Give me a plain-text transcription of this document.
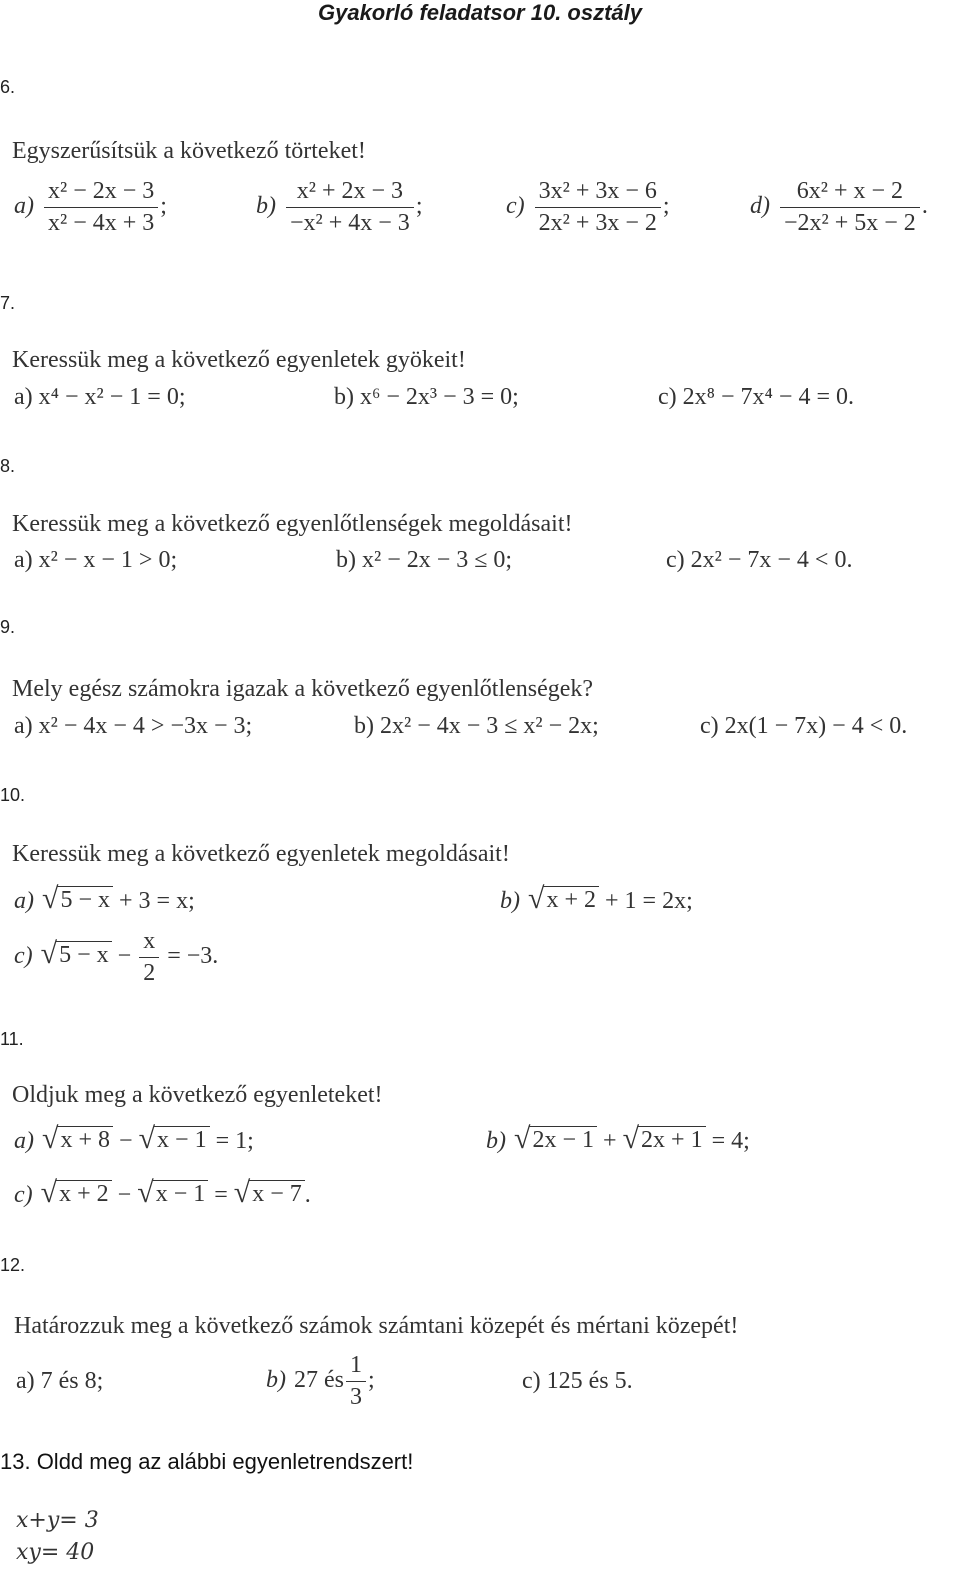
Gyakorló feladatsor 10. osztály
6.
Egyszerűsítsük a következő törteket!
$a) \frac{\text{x² − 2x − 3}}{\text{x² − 4x + 3}}$ ;	$b) \frac{\text{x² + 2x − 3}}{\text{−x² + 4x − 3}}$ ;	$c) \frac{\text{3x² + 3x − 6}}{\text{2x² + 3x − 2}}$ ;	$d) \frac{\text{6x² + x − 2}}{\text{−2x² + 5x − 2}}$ .
7.
Keressük meg a következő egyenletek gyökeit!
a) x⁴ − x² − 1 = 0;	b) x⁶ − 2x³ − 3 = 0;	c) 2x⁸ − 7x⁴ − 4 = 0.
8.
Keressük meg a következő egyenlőtlenségek megoldásait!
a) x² − x − 1 > 0;	b) x² − 2x − 3 ≤ 0;	c) 2x² − 7x − 4 < 0.
9.
Mely egész számokra igazak a következő egyenlőtlenségek?
a) x² − 4x − 4 > −3x − 3;	b) 2x² − 4x − 3 ≤ x² − 2x;	c) 2x(1 − 7x) − 4 < 0.
10.
Keressük meg a következő egyenletek megoldásait!
a) √ 5 − x + 3 = x;	b) √ x + 2 + 1 = 2x;
c) √ $5 - x - \frac{x}{2} = -3$.
11.
Oldjuk meg a következő egyenleteket!
a) √ x + 8 − √ x − 1 = 1;	b) √ 2x − 1 + √ 2x + 1 = 4;
c) √ x + 2 − √ x − 1 = √ x − 7 .
12.
Határozzuk meg a következő számok számtani közepét és mértani közepét!
a) 7 és 8;	b) 27 és $\frac{1}{3}$ ;	c) 125 és 5.
13. Oldd meg az alábbi egyenletrendszert!
x+y= 3
xy= 40
